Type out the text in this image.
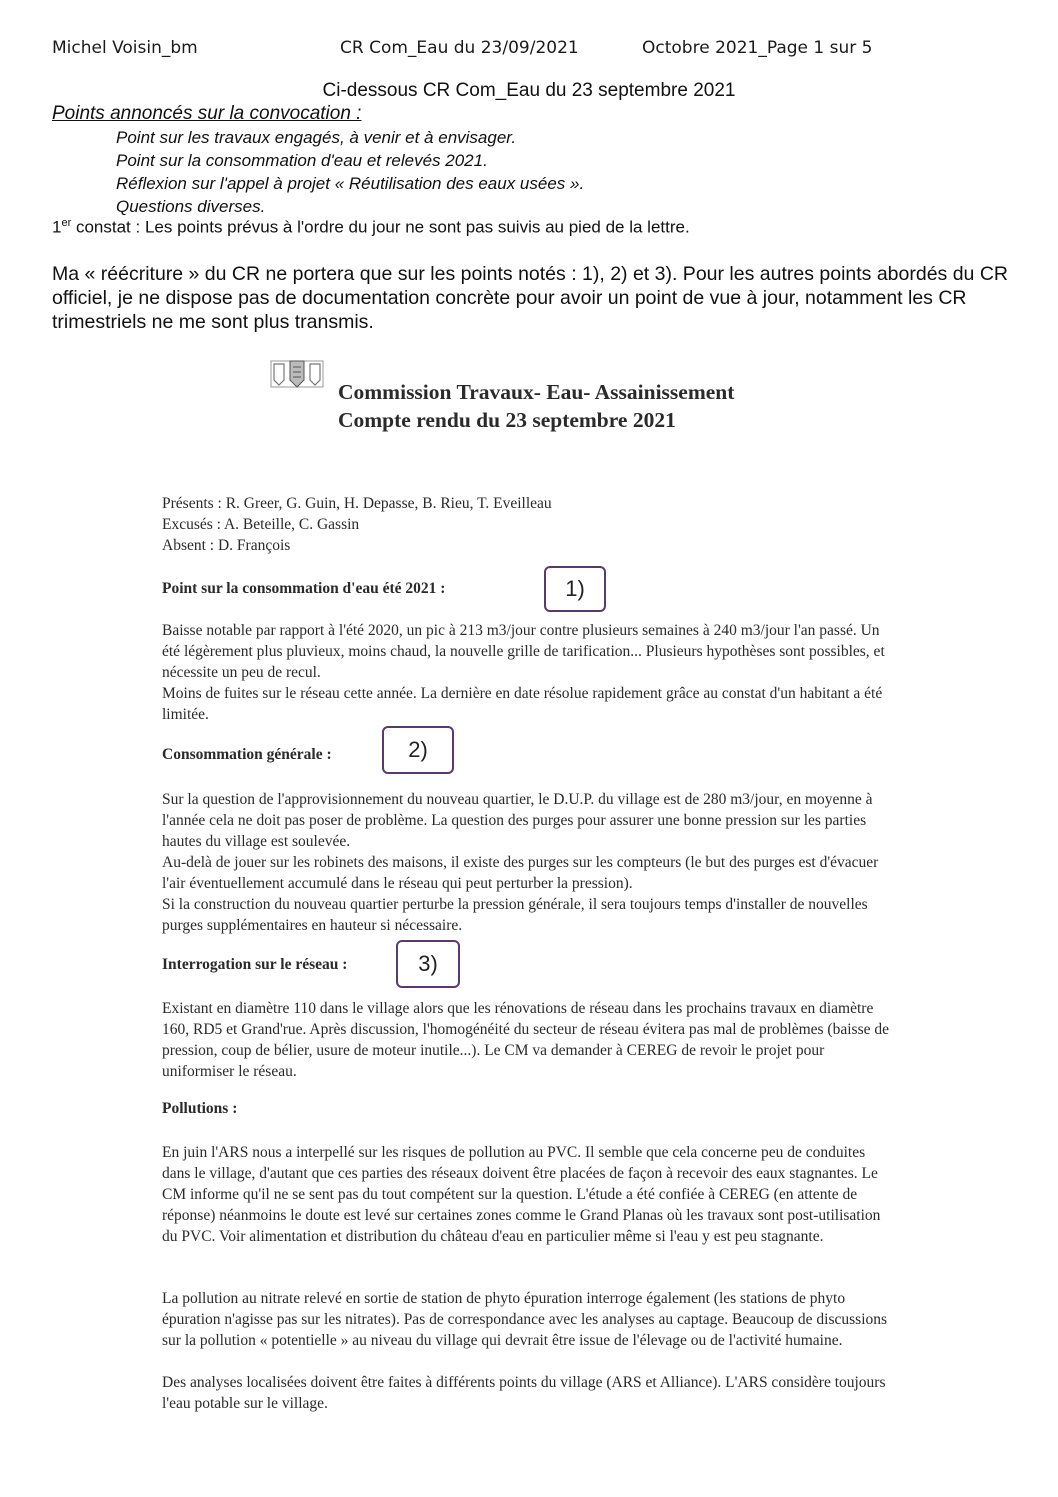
Michel Voisin_bm	CR Com_Eau du 23/09/2021	Octobre 2021_Page 1 sur 5
Ci-dessous CR Com_Eau du 23 septembre 2021
Points annoncés sur la convocation :
Point sur les travaux engagés, à venir et à envisager.
Point sur la consommation d'eau et relevés 2021.
Réflexion sur l'appel à projet « Réutilisation des eaux usées ».
Questions diverses.
1er constat : Les points prévus à l'ordre du jour ne sont pas suivis au pied de la lettre.
Ma « réécriture » du CR ne portera que sur les points notés : 1), 2) et 3). Pour les autres points abordés du CR officiel, je ne dispose pas de documentation concrète pour avoir un point de vue à jour, notamment les CR trimestriels ne me sont plus transmis.
Commission Travaux- Eau- Assainissement
Compte rendu du 23 septembre 2021
Présents : R. Greer, G. Guin, H. Depasse, B. Rieu, T. Eveilleau
Excusés : A. Beteille, C. Gassin
Absent : D. François
Point sur la consommation d'eau été 2021 :	1)
Baisse notable par rapport à l'été 2020, un pic à 213 m3/jour contre plusieurs semaines à 240 m3/jour l'an passé. Un été légèrement plus pluvieux, moins chaud, la nouvelle grille de tarification... Plusieurs hypothèses sont possibles, et nécessite un peu de recul.
Moins de fuites sur le réseau cette année. La dernière en date résolue rapidement grâce au constat d'un habitant a été limitée.
Consommation générale :	2)
Sur la question de l'approvisionnement du nouveau quartier, le D.U.P. du village est de 280 m3/jour, en moyenne à l'année cela ne doit pas poser de problème. La question des purges pour assurer une bonne pression sur les parties hautes du village est soulevée.
Au-delà de jouer sur les robinets des maisons, il existe des purges sur les compteurs (le but des purges est d'évacuer l'air éventuellement accumulé dans le réseau qui peut perturber la pression).
Si la construction du nouveau quartier perturbe la pression générale, il sera toujours temps d'installer de nouvelles purges supplémentaires en hauteur si nécessaire.
Interrogation sur le réseau :	3)
Existant en diamètre 110 dans le village alors que les rénovations de réseau dans les prochains travaux en diamètre 160, RD5 et Grand'rue. Après discussion, l'homogénéité du secteur de réseau évitera pas mal de problèmes (baisse de pression, coup de bélier, usure de moteur inutile...). Le CM va demander à CEREG de revoir le projet pour uniformiser le réseau.
Pollutions :
En juin l'ARS nous a interpellé sur les risques de pollution au PVC. Il semble que cela concerne peu de conduites dans le village, d'autant que ces parties des réseaux doivent être placées de façon à recevoir des eaux stagnantes. Le CM informe qu'il ne se sent pas du tout compétent sur la question. L'étude a été confiée à CEREG (en attente de réponse) néanmoins le doute est levé sur certaines zones comme le Grand Planas où les travaux sont post-utilisation du PVC. Voir alimentation et distribution du château d'eau en particulier même si l'eau y est peu stagnante.
La pollution au nitrate relevé en sortie de station de phyto épuration interroge également (les stations de phyto épuration n'agisse pas sur les nitrates). Pas de correspondance avec les analyses au captage. Beaucoup de discussions sur la pollution « potentielle » au niveau du village qui devrait être issue de l'élevage ou de l'activité humaine.
Des analyses localisées doivent être faites à différents points du village (ARS et Alliance). L'ARS considère toujours l'eau potable sur le village.
